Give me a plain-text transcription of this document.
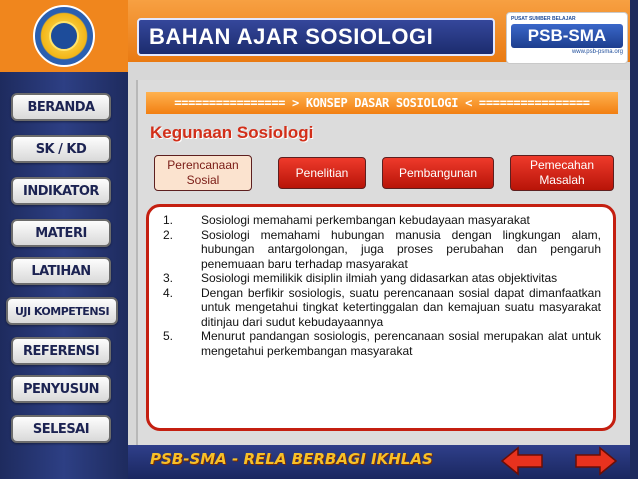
BAHAN AJAR SOSIOLOGI
PUSAT SUMBER BELAJAR
PSB-SMA
www.psb-psma.org
BERANDA
SK / KD
INDIKATOR
MATERI
LATIHAN
UJI KOMPETENSI
REFERENSI
PENYUSUN
SELESAI
================ > KONSEP DASAR SOSIOLOGI < ================
Kegunaan Sosiologi
Perencanaan Sosial
Penelitian	Pembangunan
Pemecahan Masalah
1.	Sosiologi memahami perkembangan kebudayaan masyarakat
2.	Sosiologi memahami hubungan manusia dengan lingkungan alam, hubungan antargolongan, juga proses perubahan dan pengaruh penemuaan baru terhadap masyarakat
3.	Sosiologi memilikik disiplin ilmiah yang didasarkan atas objektivitas
4.	Dengan berfikir sosiologis, suatu perencanaan sosial dapat dimanfaatkan untuk mengetahui tingkat ketertinggalan dan kemajuan suatu masyarakat ditinjau dari sudut kebudayaannya
5.	Menurut pandangan sosiologis, perencanaan sosial merupakan alat untuk mengetahui perkembangan masyarakat
PSB-SMA - RELA BERBAGI IKHLAS
